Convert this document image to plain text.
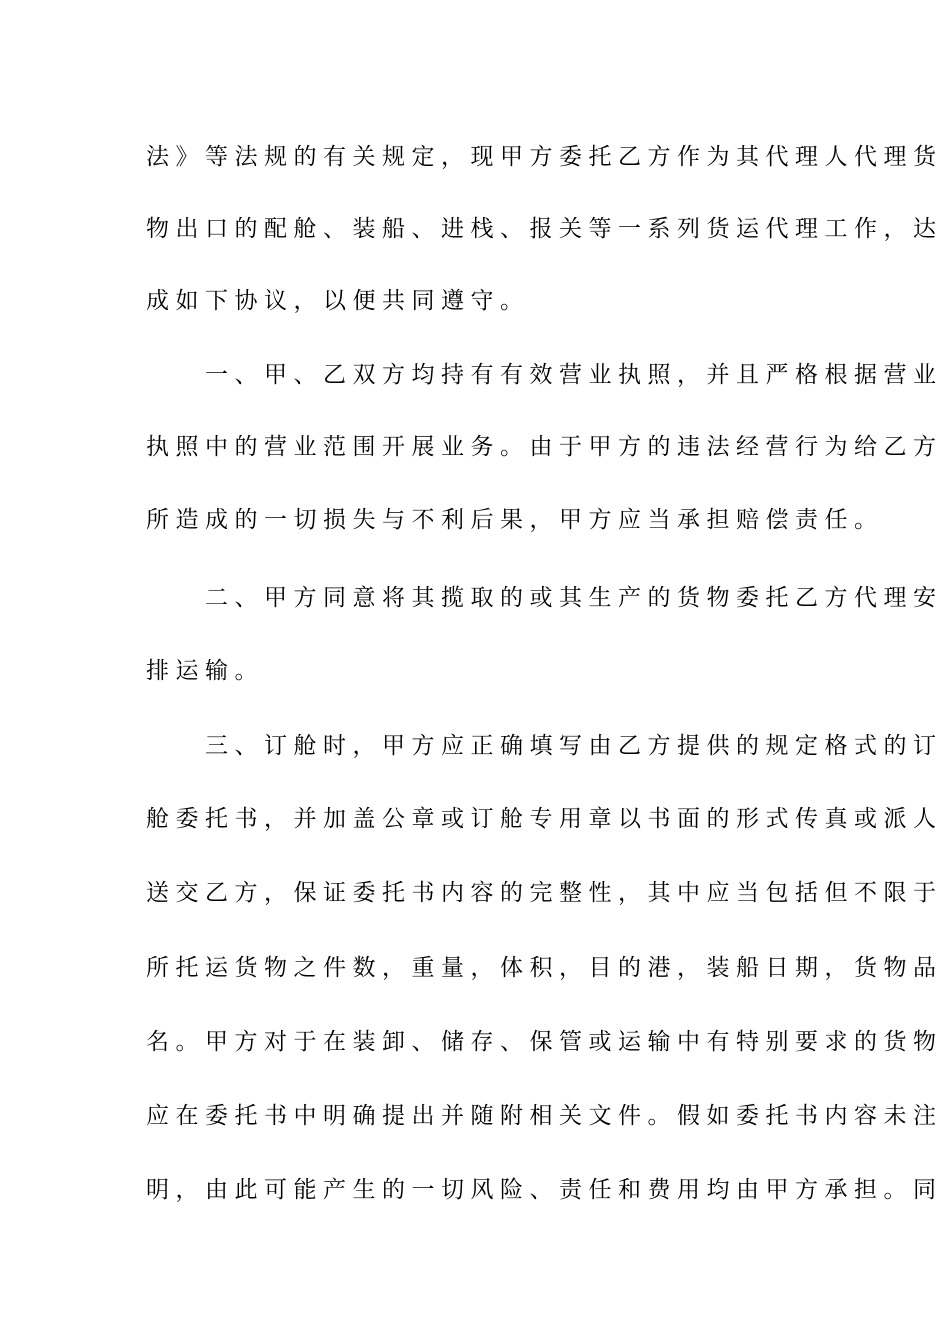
法》等法规的有关规定，现甲方委托乙方作为其代理人代理货
物出口的配舱、装船、进栈、报关等一系列货运代理工作，达
成如下协议，以便共同遵守。
　　一、甲、乙双方均持有有效营业执照，并且严格根据营业
执照中的营业范围开展业务。由于甲方的违法经营行为给乙方
所造成的一切损失与不利后果，甲方应当承担赔偿责任。
　　二、甲方同意将其揽取的或其生产的货物委托乙方代理安
排运输。
　　三、订舱时，甲方应正确填写由乙方提供的规定格式的订
舱委托书，并加盖公章或订舱专用章以书面的形式传真或派人
送交乙方，保证委托书内容的完整性，其中应当包括但不限于
所托运货物之件数，重量，体积，目的港，装船日期，货物品
名。甲方对于在装卸、储存、保管或运输中有特别要求的货物
应在委托书中明确提出并随附相关文件。假如委托书内容未注
明，由此可能产生的一切风险、责任和费用均由甲方承担。同
